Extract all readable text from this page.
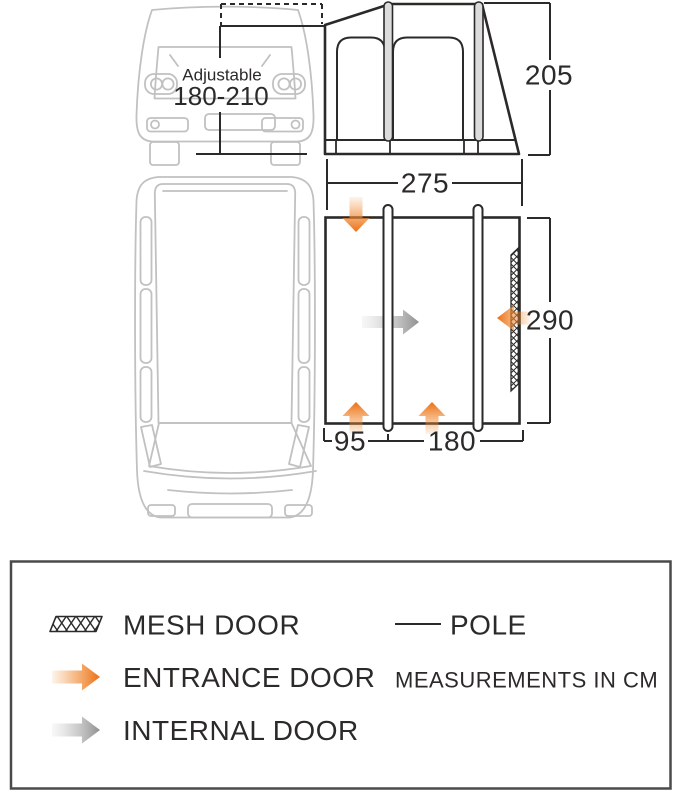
Adjustable
180-210
205
275
290
95 180
MESH DOOR
ENTRANCE DOOR
INTERNAL DOOR
POLE
MEASUREMENTS IN CM
